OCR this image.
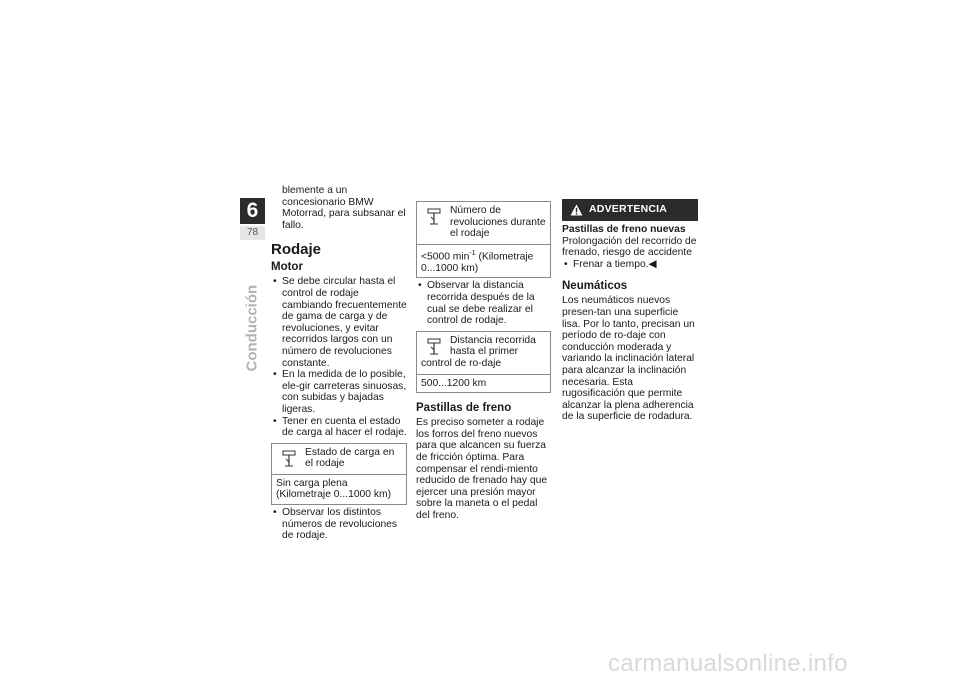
6
78
Conducción

blemente a un concesionario BMW Motorrad, para subsanar el fallo.

Rodaje
Motor
• Se debe circular hasta el control de rodaje cambiando frecuentemente de gama de carga y de revoluciones, y evitar recorridos largos con un número de revoluciones constante.
• En la medida de lo posible, ele-gir carreteras sinuosas, con subidas y bajadas ligeras.
• Tener en cuenta el estado de carga al hacer el rodaje.
Estado de carga en el rodaje
Sin carga plena (Kilometraje 0...1000 km)
• Observar los distintos números de revoluciones de rodaje.
Número de revoluciones durante el rodaje
<5000 $\min^{-1}$ (Kilometraje 0...1000 km)
• Observar la distancia recorrida después de la cual se debe realizar el control de rodaje.
Distancia recorrida hasta el primer control de ro-daje
500...1200 km
Pastillas de freno

Es preciso someter a rodaje los forros del freno nuevos para que alcancen su fuerza de fricción óptima. Para compensar el rendi-miento reducido de frenado hay que ejercer una presión mayor sobre la maneta o el pedal del freno.

ADVERTENCIA

Pastillas de freno nuevas

Prolongación del recorrido de frenado, riesgo de accidente

• Frenar a tiempo.◀
Neumáticos

Los neumáticos nuevos presen-tan una superficie lisa. Por lo tanto, precisan un período de ro-daje con conducción moderada y variando la inclinación lateral para alcanzar la inclinación necesaria. Esta rugosificación que permite alcanzar la plena adherencia de la superficie de rodadura.

carmanualsonline.info
